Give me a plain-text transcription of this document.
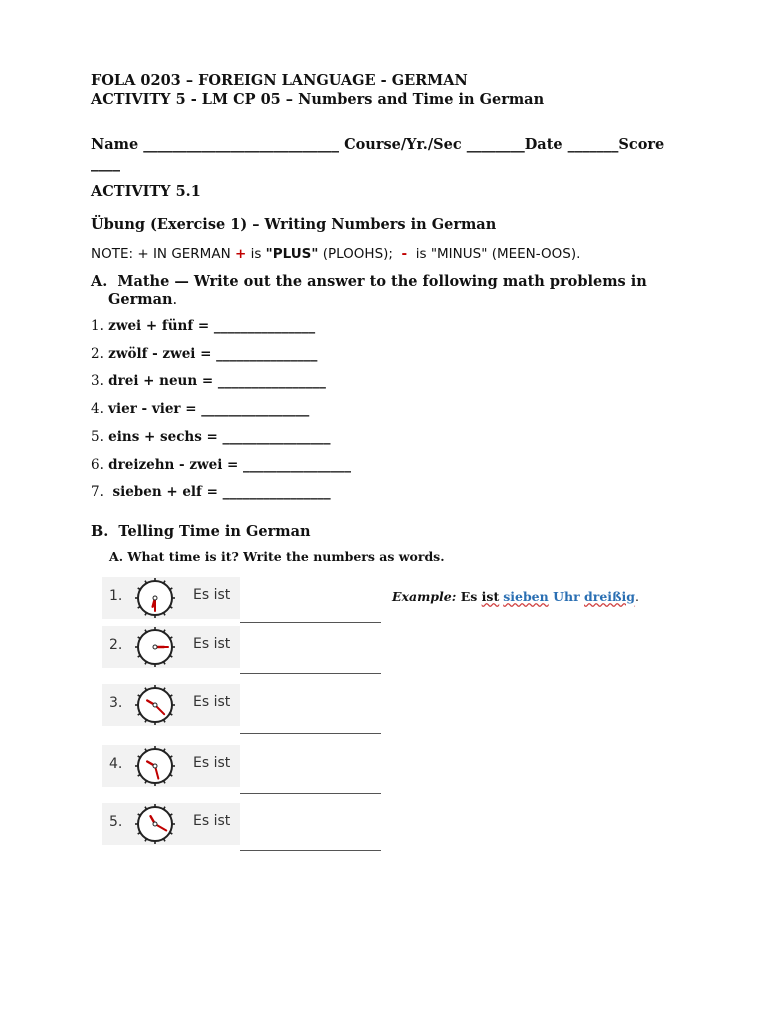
FOLA 0203 – FOREIGN LANGUAGE - GERMAN
ACTIVITY 5 - LM CP 05 – Numbers and Time in German
Name ___________________________ Course/Yr./Sec ________Date _______Score
____
ACTIVITY 5.1
Übung (Exercise 1) – Writing Numbers in German
NOTE: + IN GERMAN + is "PLUS" (PLOOHS);  -  is "MINUS" (MEEN-OOS).
A.  Mathe — Write out the answer to the following math problems in
German.
1. zwei + fünf = _______________
2. zwölf - zwei = _______________
3. drei + neun = ________________
4. vier - vier = ________________
5. eins + sechs = ________________
6. dreizehn - zwei = ________________
7.  sieben + elf = ________________
B.  Telling Time in German
A. What time is it? Write the numbers as words.
1.	Es ist
2.	Es ist
3.	Es ist
4.	Es ist
5.	Es ist
Example: Es ist sieben Uhr dreißig.
